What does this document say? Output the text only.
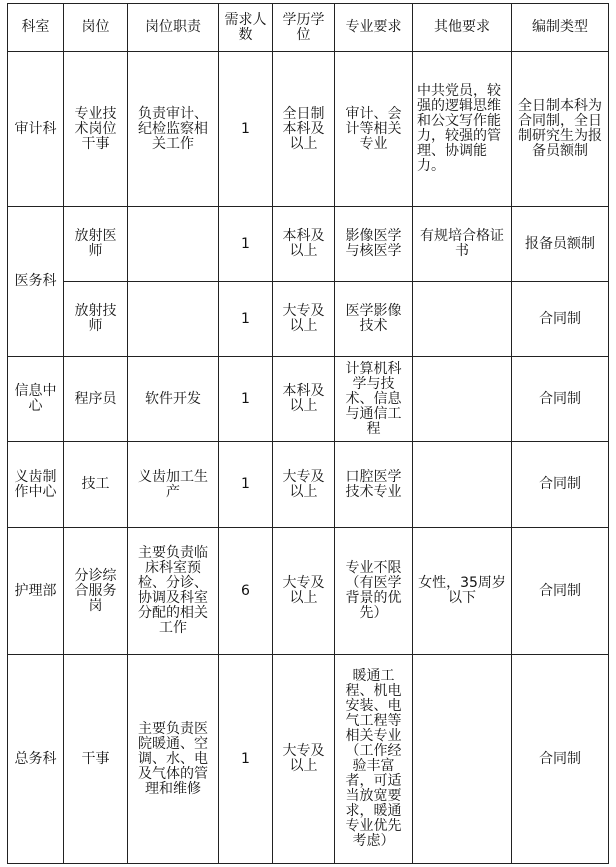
科室	岗位	岗位职责	需求人数	学历学位	专业要求	其他要求	编制类型
审计科	专业技术岗位干事	负责审计、纪检监察相关工作	1	全日制本科及以上	审计、会计等相关专业	中共党员，较强的逻辑思维和公文写作能力，较强的管理、协调能力。	全日制本科为合同制，全日制研究生为报备员额制
医务科	放射医师		1	本科及以上	影像医学与核医学	有规培合格证书	报备员额制
	放射技师		1	大专及以上	医学影像技术		合同制
信息中心	程序员	软件开发	1	本科及以上	计算机科学与技术、信息与通信工程		合同制
义齿制作中心	技工	义齿加工生产	1	大专及以上	口腔医学技术专业		合同制
护理部	分诊综合服务岗	主要负责临床科室预检、分诊、协调及科室分配的相关工作	6	大专及以上	专业不限（有医学背景的优先）	女性，35周岁以下	合同制
总务科	干事	主要负责医院暖通、空调、水、电及气体的管理和维修	1	大专及以上	暖通工程、机电安装、电气工程等相关专业（工作经验丰富者，可适当放宽要求，暖通专业优先考虑）		合同制
